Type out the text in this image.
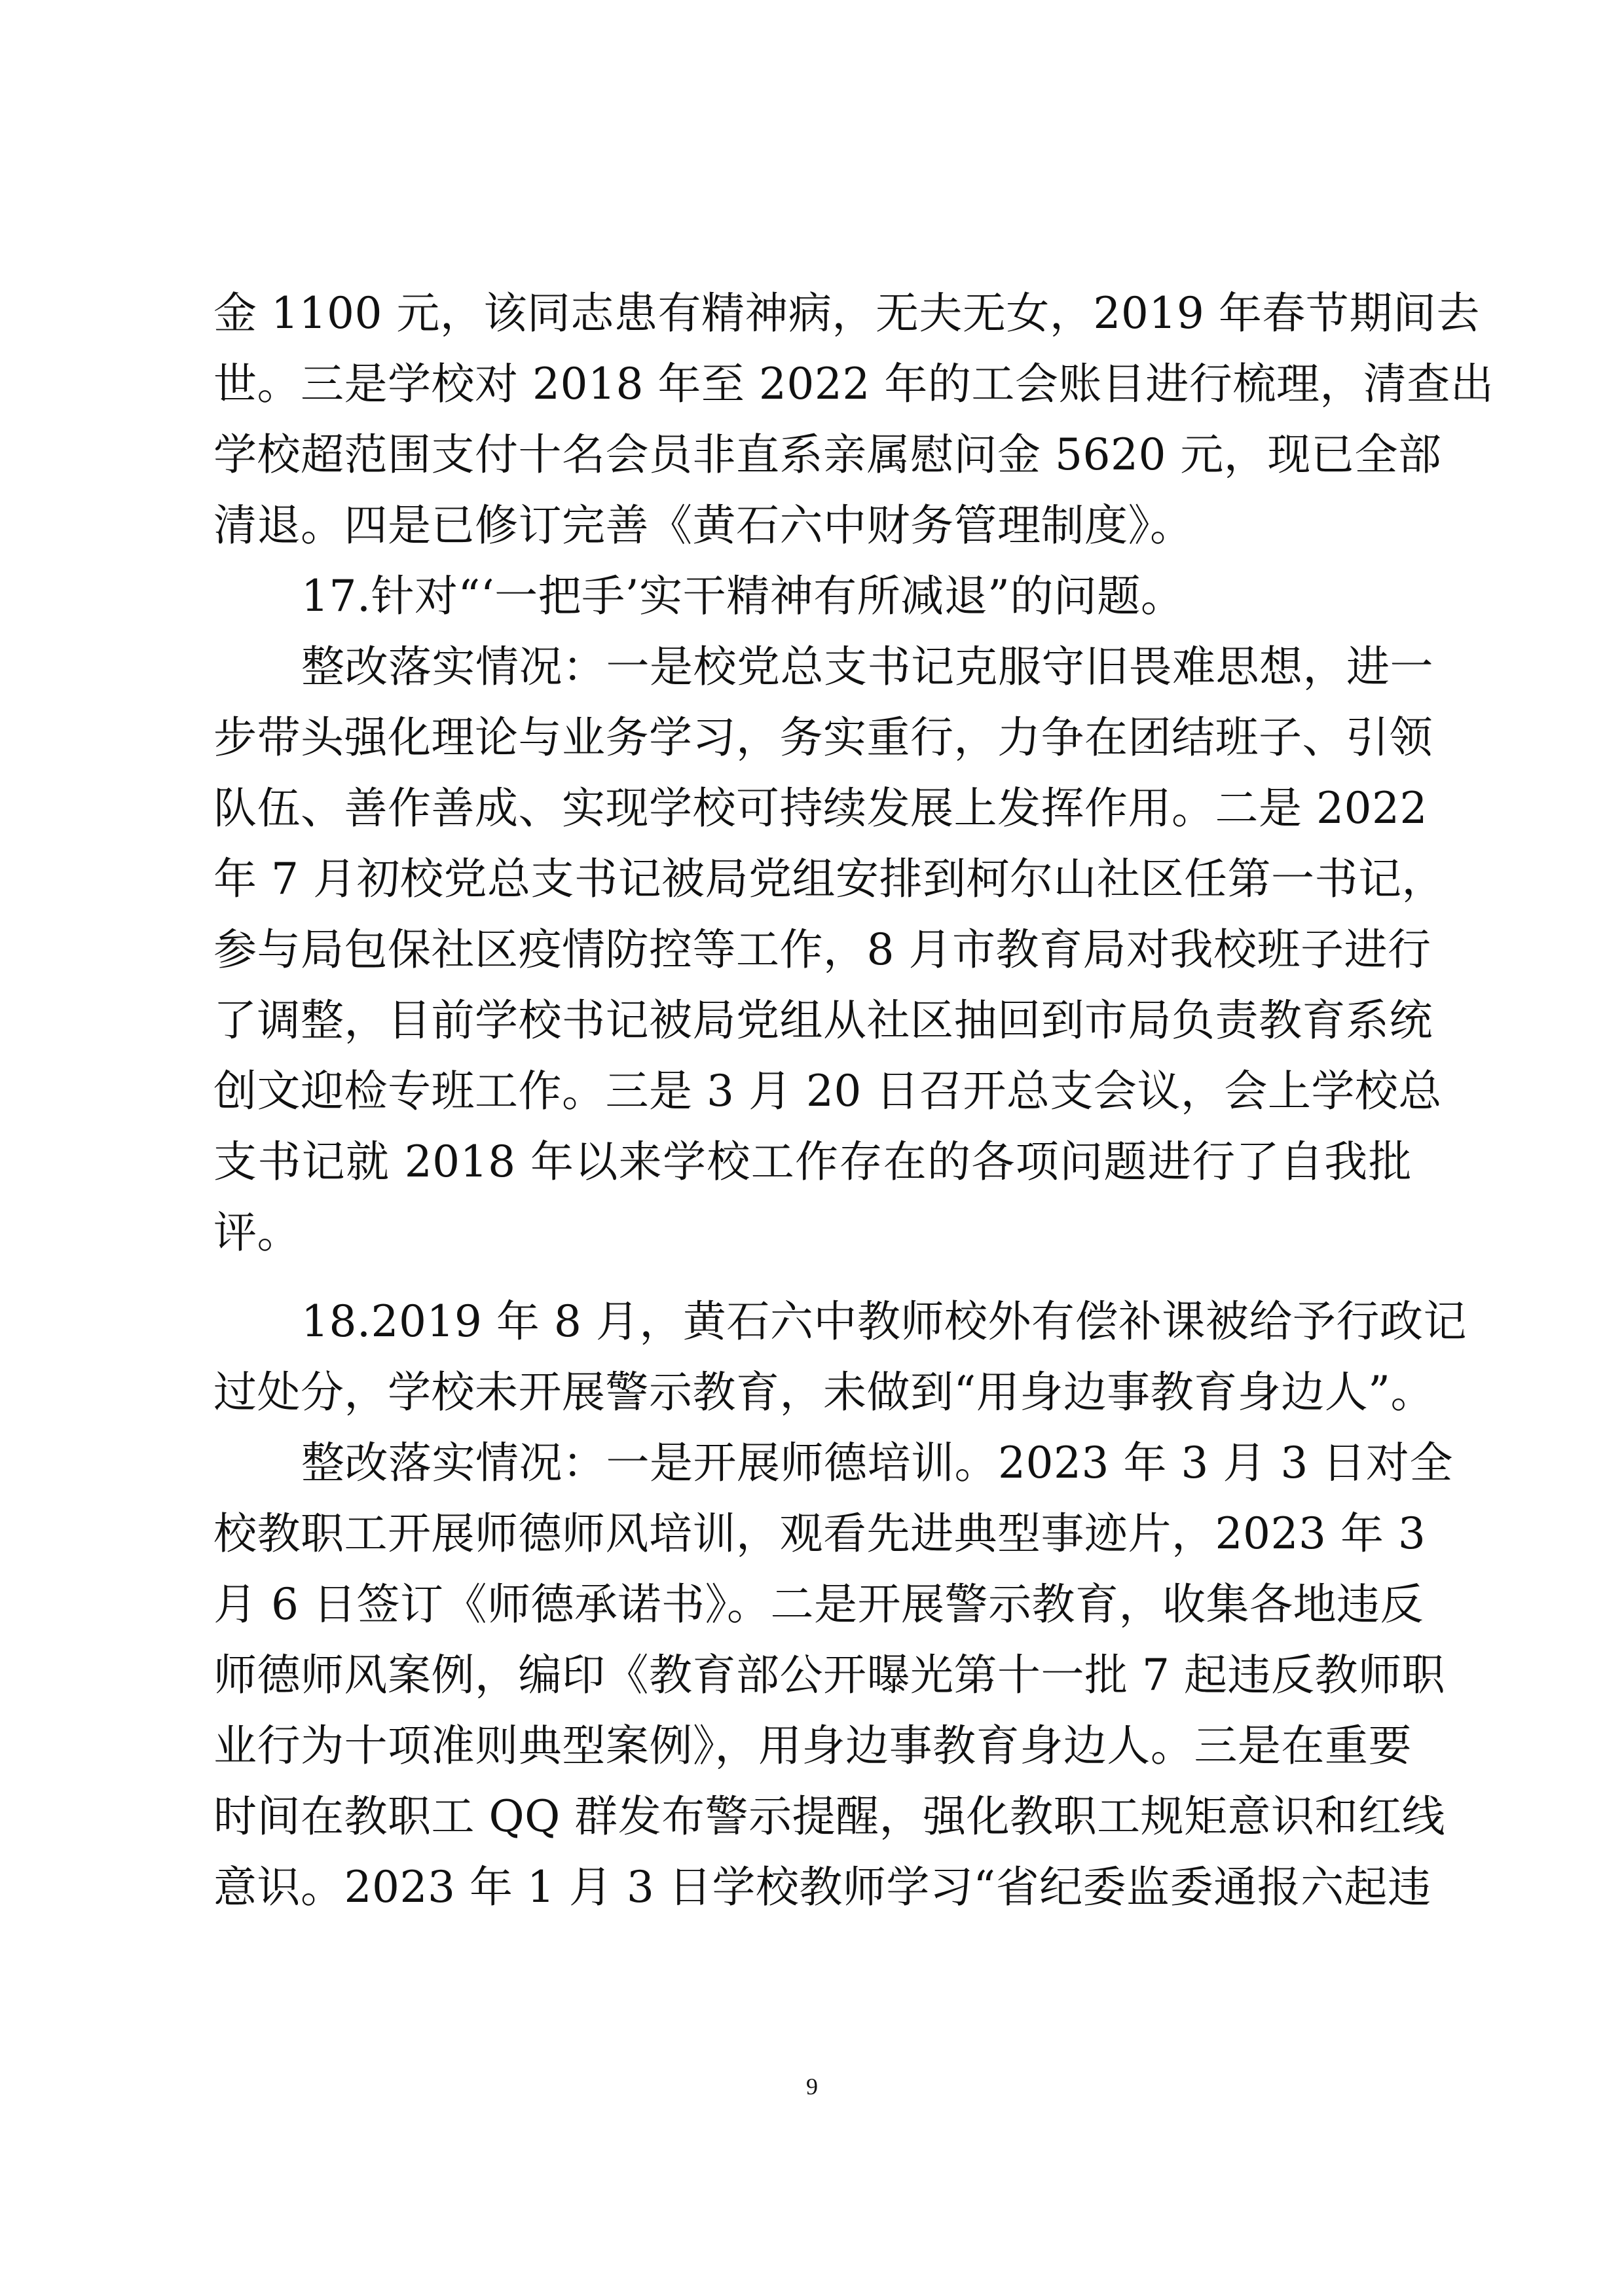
金 1100 元，该同志患有精神病，无夫无女，2019 年春节期间去
世。三是学校对 2018 年至 2022 年的工会账目进行梳理，清查出
学校超范围支付十名会员非直系亲属慰问金 5620 元，现已全部
清退。四是已修订完善《黄石六中财务管理制度》。
17.针对“‘一把手’实干精神有所减退”的问题。
整改落实情况：一是校党总支书记克服守旧畏难思想，进一
步带头强化理论与业务学习，务实重行，力争在团结班子、引领
队伍、善作善成、实现学校可持续发展上发挥作用。二是 2022
年 7 月初校党总支书记被局党组安排到柯尔山社区任第一书记，
参与局包保社区疫情防控等工作，8 月市教育局对我校班子进行
了调整，目前学校书记被局党组从社区抽回到市局负责教育系统
创文迎检专班工作。三是 3 月 20 日召开总支会议，会上学校总
支书记就 2018 年以来学校工作存在的各项问题进行了自我批
评。
18.2019 年 8 月，黄石六中教师校外有偿补课被给予行政记
过处分，学校未开展警示教育，未做到“用身边事教育身边人”。
整改落实情况：一是开展师德培训。2023 年 3 月 3 日对全
校教职工开展师德师风培训，观看先进典型事迹片，2023 年 3
月 6 日签订《师德承诺书》。二是开展警示教育，收集各地违反
师德师风案例，编印《教育部公开曝光第十一批 7 起违反教师职
业行为十项准则典型案例》，用身边事教育身边人。三是在重要
时间在教职工 QQ 群发布警示提醒，强化教职工规矩意识和红线
意识。2023 年 1 月 3 日学校教师学习“省纪委监委通报六起违
9
